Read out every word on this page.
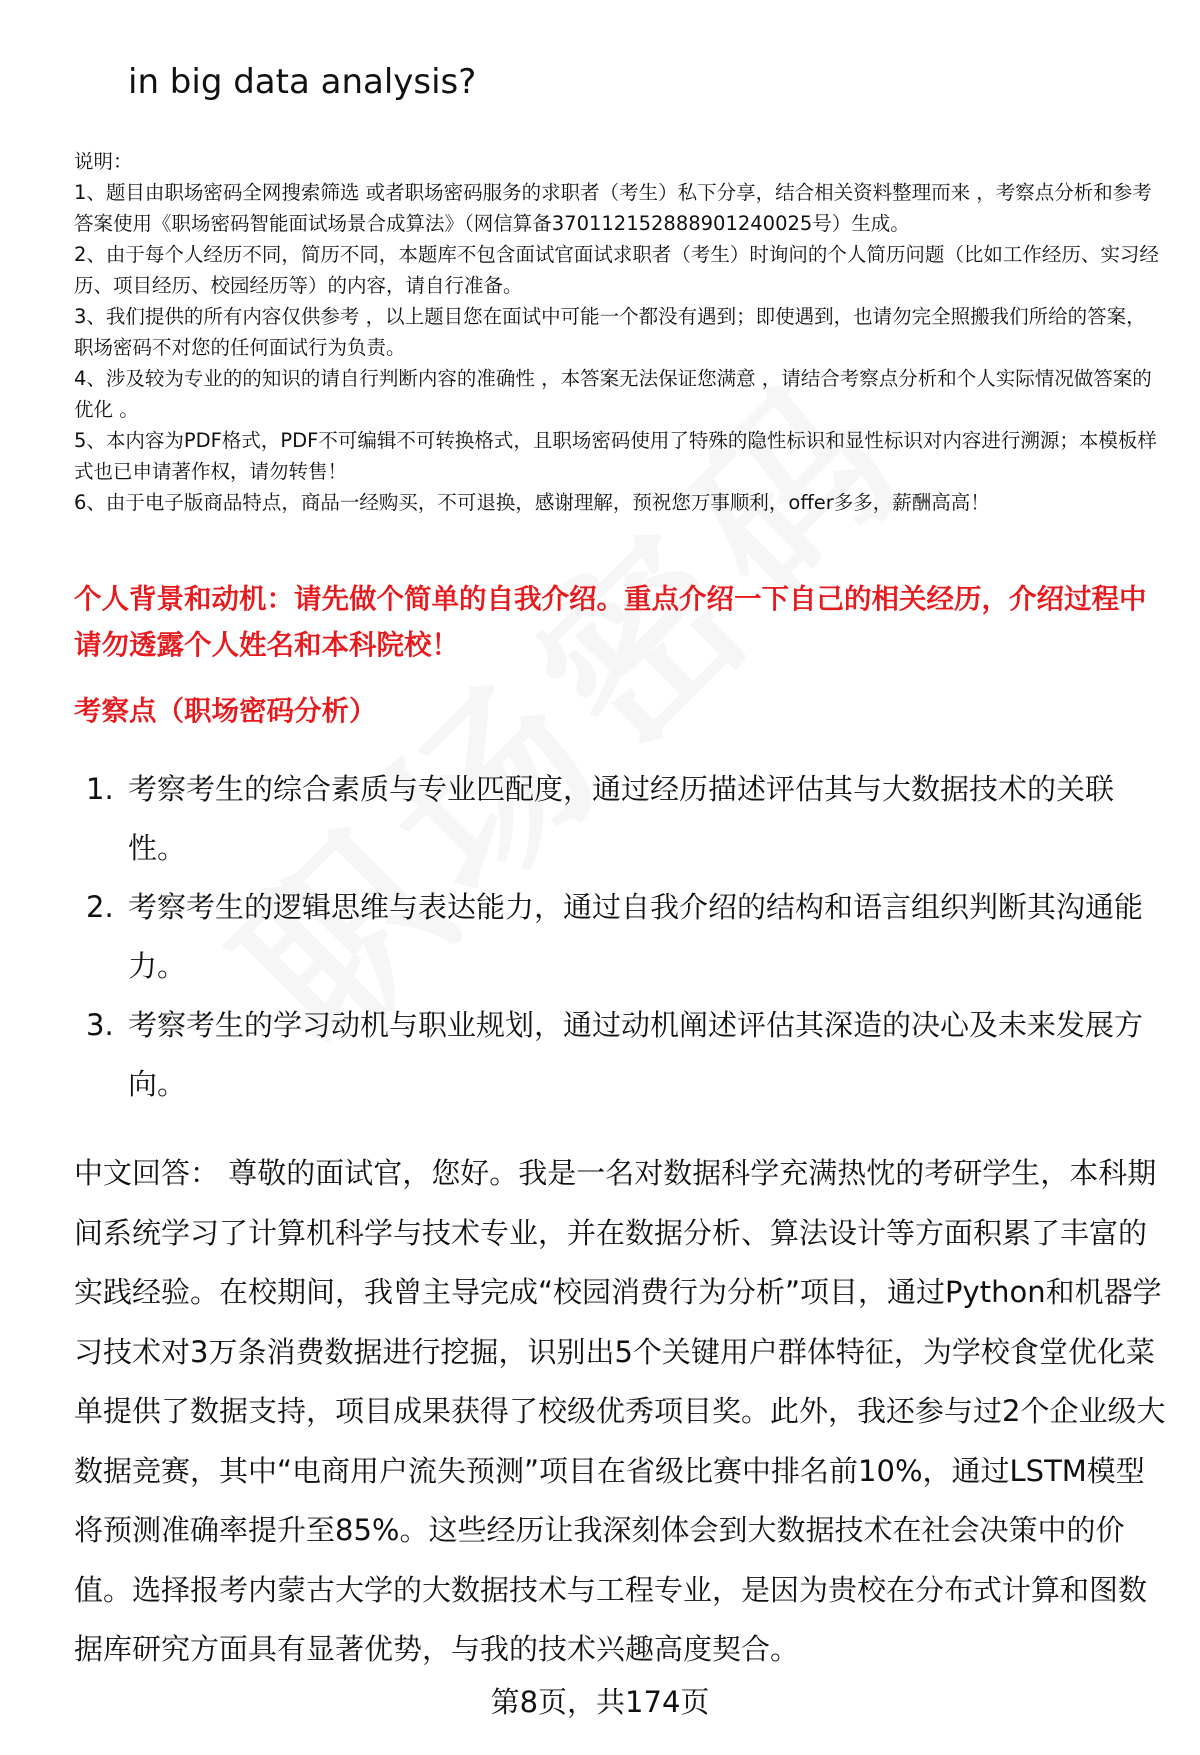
in big data analysis?

说明：

1、题目由职场密码全网搜索筛选 或者职场密码服务的求职者（考生）私下分享，结合相关资料整理而来 ，考察点分析和参考答案使用《职场密码智能面试场景合成算法》（网信算备370112152888901240025号）生成。

2、由于每个人经历不同，简历不同，本题库不包含面试官面试求职者（考生）时询问的个人简历问题（比如工作经历、实习经历、项目经历、校园经历等）的内容，请自行准备。

3、我们提供的所有内容仅供参考 ，以上题目您在面试中可能一个都没有遇到；即使遇到，也请勿完全照搬我们所给的答案，职场密码不对您的任何面试行为负责。

4、涉及较为专业的的知识的请自行判断内容的准确性 ，本答案无法保证您满意 ，请结合考察点分析和个人实际情况做答案的优化 。

5、本内容为PDF格式，PDF不可编辑不可转换格式，且职场密码使用了特殊的隐性标识和显性标识对内容进行溯源；本模板样式也已申请著作权，请勿转售！

6、由于电子版商品特点，商品一经购买，不可退换，感谢理解，预祝您万事顺利，offer多多，薪酬高高！

个人背景和动机：请先做个简单的自我介绍。重点介绍一下自己的相关经历，介绍过程中请勿透露个人姓名和本科院校！
考察点（职场密码分析）
1. 考察考生的综合素质与专业匹配度，通过经历描述评估其与大数据技术的关联性。
2. 考察考生的逻辑思维与表达能力，通过自我介绍的结构和语言组织判断其沟通能力。
3. 考察考生的学习动机与职业规划，通过动机阐述评估其深造的决心及未来发展方向。
中文回答： 尊敬的面试官，您好。我是一名对数据科学充满热忱的考研学生，本科期间系统学习了计算机科学与技术专业，并在数据分析、算法设计等方面积累了丰富的实践经验。在校期间，我曾主导完成“校园消费行为分析”项目，通过Python和机器学习技术对3万条消费数据进行挖掘，识别出5个关键用户群体特征，为学校食堂优化菜单提供了数据支持，项目成果获得了校级优秀项目奖。此外，我还参与过2个企业级大数据竞赛，其中“电商用户流失预测”项目在省级比赛中排名前10%，通过LSTM模型将预测准确率提升至85%。这些经历让我深刻体会到大数据技术在社会决策中的价值。选择报考内蒙古大学的大数据技术与工程专业，是因为贵校在分布式计算和图数据库研究方面具有显著优势，与我的技术兴趣高度契合。
第8页，共174页
